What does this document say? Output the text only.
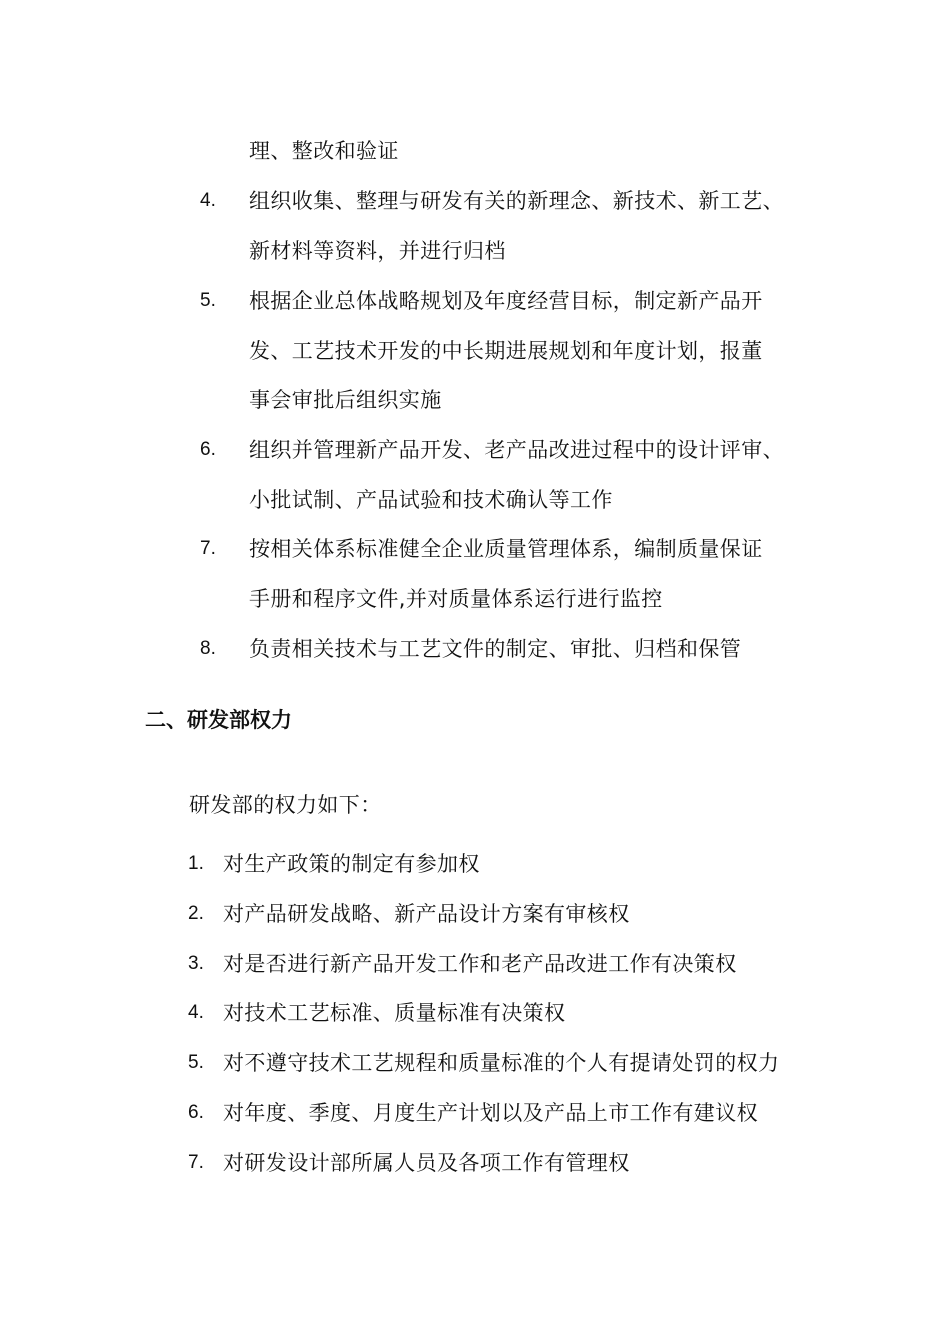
理、整改和验证
4. 组织收集、整理与研发有关的新理念、新技术、新工艺、
新材料等资料，并进行归档
5. 根据企业总体战略规划及年度经营目标，制定新产品开
发、工艺技术开发的中长期进展规划和年度计划，报董
事会审批后组织实施
6. 组织并管理新产品开发、老产品改进过程中的设计评审、
小批试制、产品试验和技术确认等工作
7. 按相关体系标准健全企业质量管理体系，编制质量保证
手册和程序文件,并对质量体系运行进行监控
8. 负责相关技术与工艺文件的制定、审批、归档和保管
二、研发部权力
研发部的权力如下：
1. 对生产政策的制定有参加权
2. 对产品研发战略、新产品设计方案有审核权
3. 对是否进行新产品开发工作和老产品改进工作有决策权
4. 对技术工艺标准、质量标准有决策权
5. 对不遵守技术工艺规程和质量标准的个人有提请处罚的权力
6. 对年度、季度、月度生产计划以及产品上市工作有建议权
7. 对研发设计部所属人员及各项工作有管理权
